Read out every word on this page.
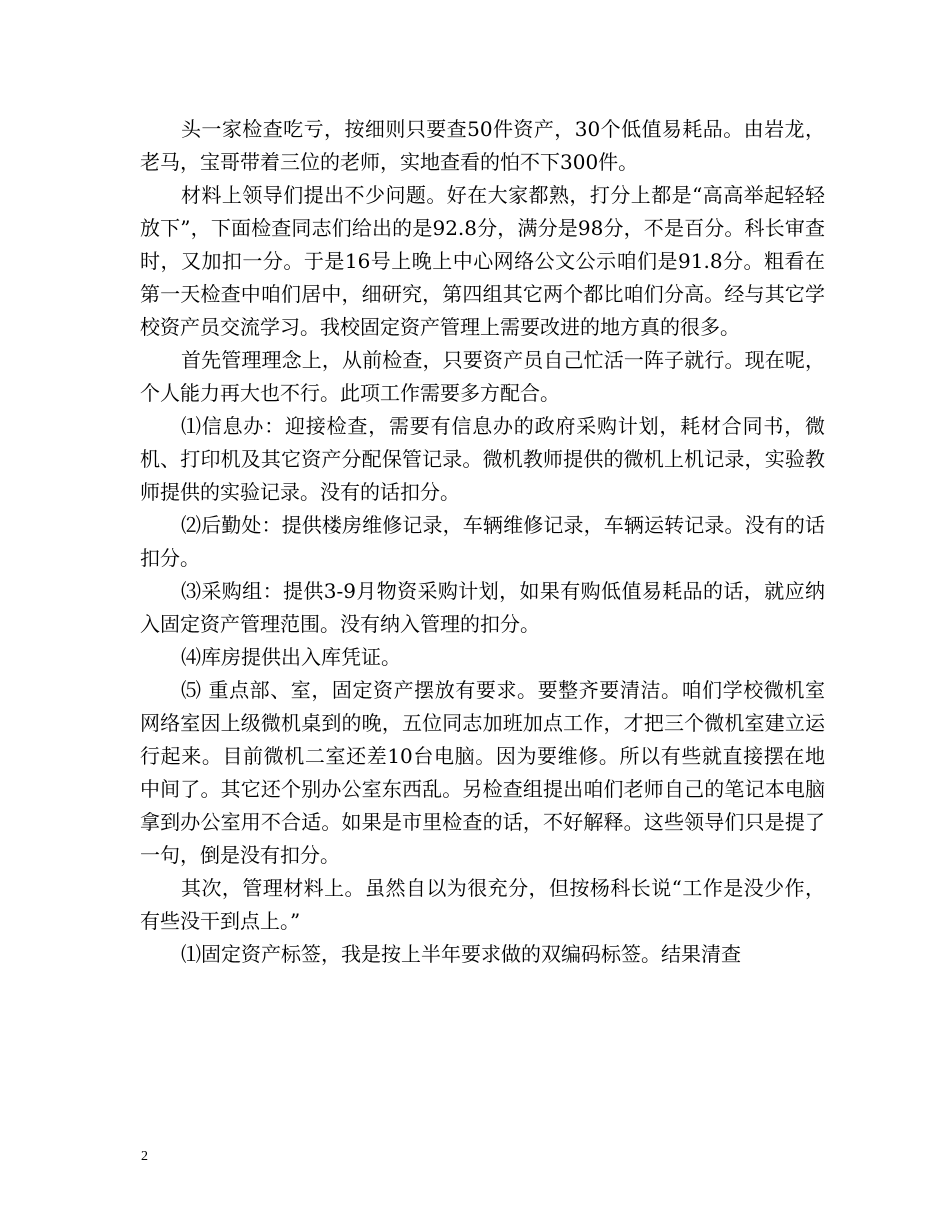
头一家检查吃亏，按细则只要查50件资产，30个低值易耗品。由岩龙，老马，宝哥带着三位的老师，实地查看的怕不下300件。

材料上领导们提出不少问题。好在大家都熟，打分上都是“高高举起轻轻放下”，下面检查同志们给出的是92.8分，满分是98分，不是百分。科长审查时，又加扣一分。于是16号上晚上中心网络公文公示咱们是91.8分。粗看在第一天检查中咱们居中，细研究，第四组其它两个都比咱们分高。经与其它学校资产员交流学习。我校固定资产管理上需要改进的地方真的很多。

首先管理理念上，从前检查，只要资产员自己忙活一阵子就行。现在呢，个人能力再大也不行。此项工作需要多方配合。

⑴信息办：迎接检查，需要有信息办的政府采购计划，耗材合同书，微机、打印机及其它资产分配保管记录。微机教师提供的微机上机记录，实验教师提供的实验记录。没有的话扣分。

⑵后勤处：提供楼房维修记录，车辆维修记录，车辆运转记录。没有的话扣分。

⑶采购组：提供3-9月物资采购计划，如果有购低值易耗品的话，就应纳入固定资产管理范围。没有纳入管理的扣分。

⑷库房提供出入库凭证。

⑸ 重点部、室，固定资产摆放有要求。要整齐要清洁。咱们学校微机室网络室因上级微机桌到的晚，五位同志加班加点工作，才把三个微机室建立运行起来。目前微机二室还差10台电脑。因为要维修。所以有些就直接摆在地中间了。其它还个别办公室东西乱。另检查组提出咱们老师自己的笔记本电脑拿到办公室用不合适。如果是市里检查的话，不好解释。这些领导们只是提了一句，倒是没有扣分。

其次，管理材料上。虽然自以为很充分，但按杨科长说“工作是没少作，有些没干到点上。”

⑴固定资产标签，我是按上半年要求做的双编码标签。结果清查

2
